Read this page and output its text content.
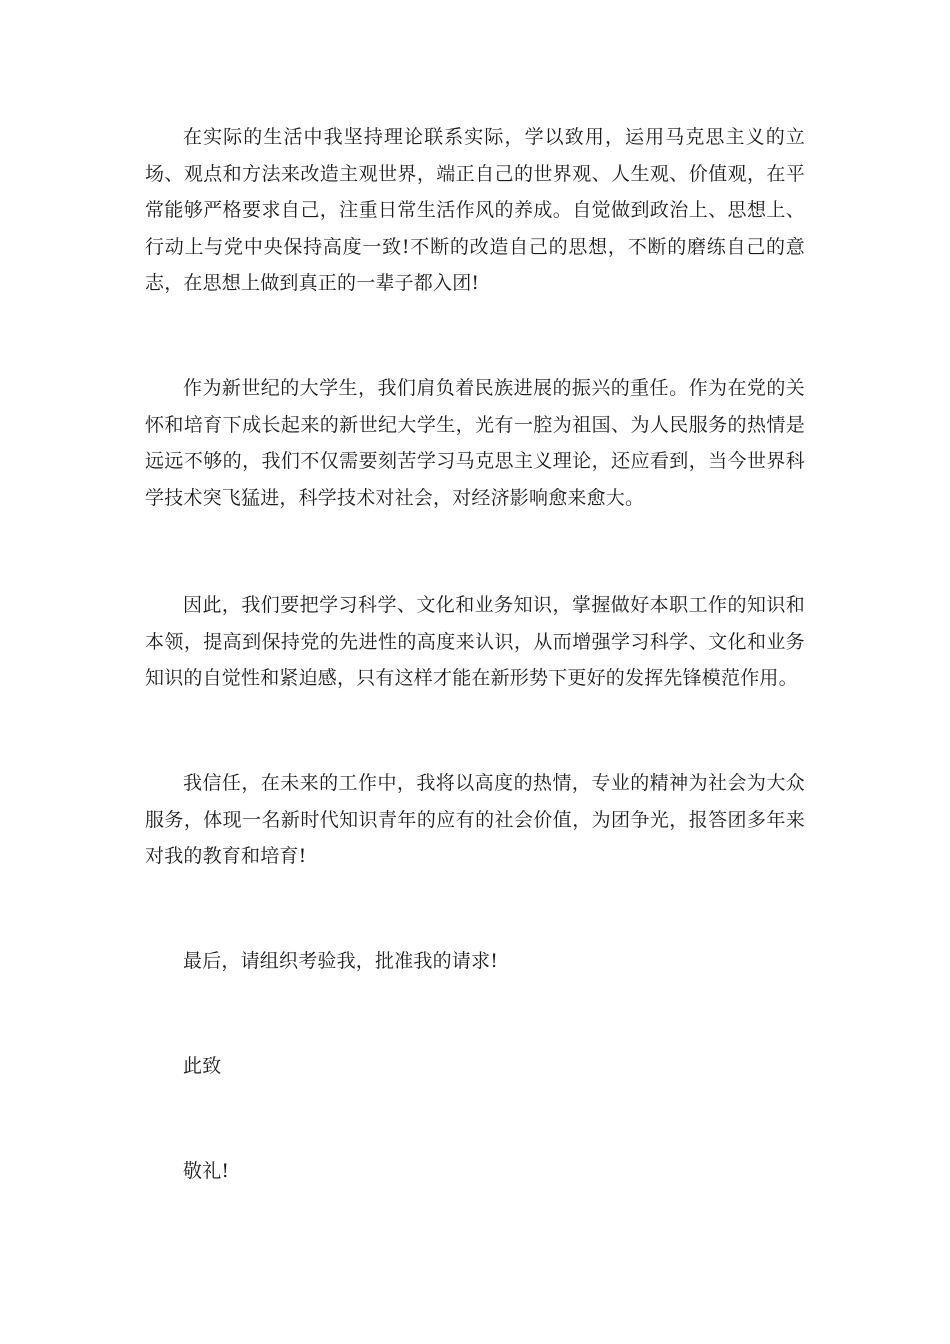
在实际的生活中我坚持理论联系实际，学以致用，运用马克思主义的立场、观点和方法来改造主观世界，端正自己的世界观、人生观、价值观，在平常能够严格要求自己，注重日常生活作风的养成。自觉做到政治上、思想上、行动上与党中央保持高度一致!不断的改造自己的思想，不断的磨练自己的意志，在思想上做到真正的一辈子都入团!

作为新世纪的大学生，我们肩负着民族进展的振兴的重任。作为在党的关怀和培育下成长起来的新世纪大学生，光有一腔为祖国、为人民服务的热情是远远不够的，我们不仅需要刻苦学习马克思主义理论，还应看到，当今世界科学技术突飞猛进，科学技术对社会，对经济影响愈来愈大。

因此，我们要把学习科学、文化和业务知识，掌握做好本职工作的知识和本领，提高到保持党的先进性的高度来认识，从而增强学习科学、文化和业务知识的自觉性和紧迫感，只有这样才能在新形势下更好的发挥先锋模范作用。

我信任，在未来的工作中，我将以高度的热情，专业的精神为社会为大众服务，体现一名新时代知识青年的应有的社会价值，为团争光，报答团多年来对我的教育和培育!

最后，请组织考验我，批准我的请求!

此致

敬礼!
